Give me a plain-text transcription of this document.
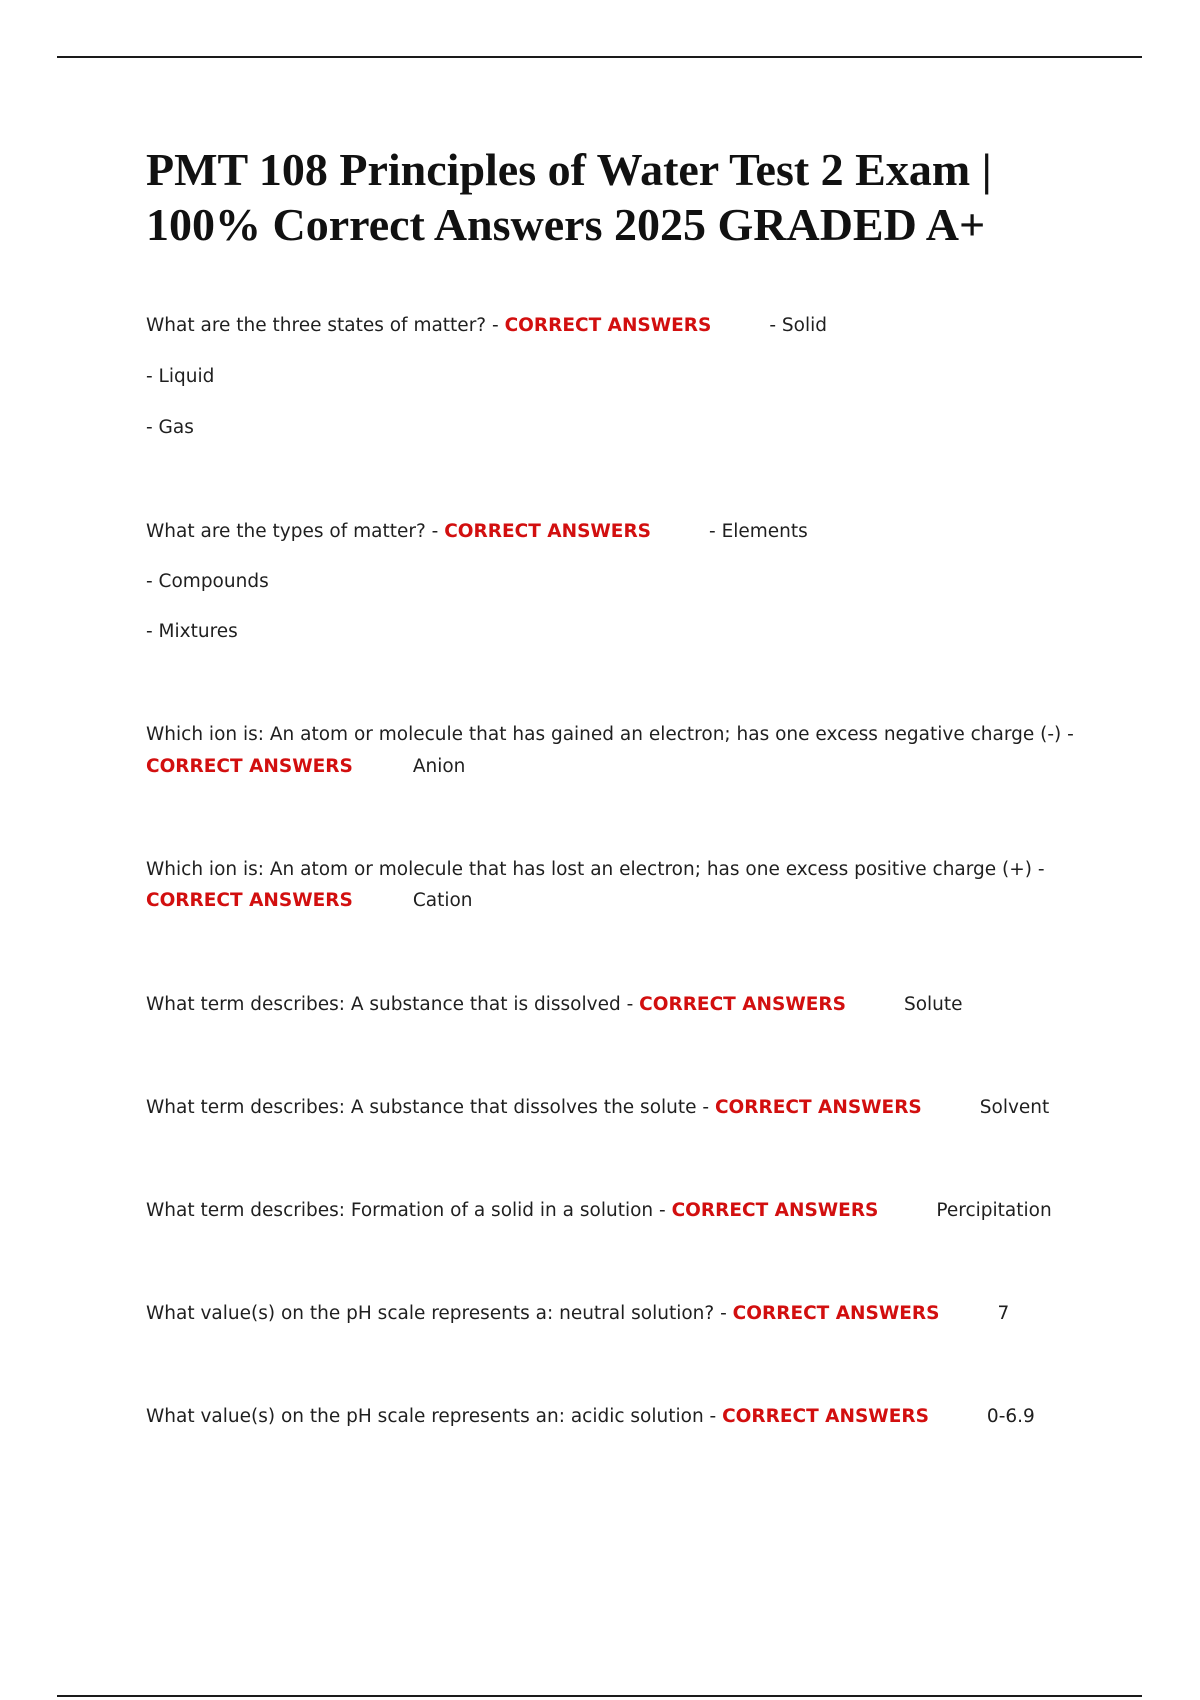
PMT 108 Principles of Water Test 2 Exam | 100% Correct Answers 2025 GRADED A+

What are the three states of matter? - CORRECT ANSWERS	- Solid

- Liquid

- Gas

What are the types of matter? - CORRECT ANSWERS	- Elements

- Compounds

- Mixtures

Which ion is: An atom or molecule that has gained an electron; has one excess negative charge (-) -

CORRECT ANSWERS	Anion

Which ion is: An atom or molecule that has lost an electron; has one excess positive charge (+) -

CORRECT ANSWERS	Cation

What term describes: A substance that is dissolved - CORRECT ANSWERS	Solute

What term describes: A substance that dissolves the solute - CORRECT ANSWERS	Solvent

What term describes: Formation of a solid in a solution - CORRECT ANSWERS	Percipitation

What value(s) on the pH scale represents a: neutral solution? - CORRECT ANSWERS	7

What value(s) on the pH scale represents an: acidic solution - CORRECT ANSWERS	0-6.9
